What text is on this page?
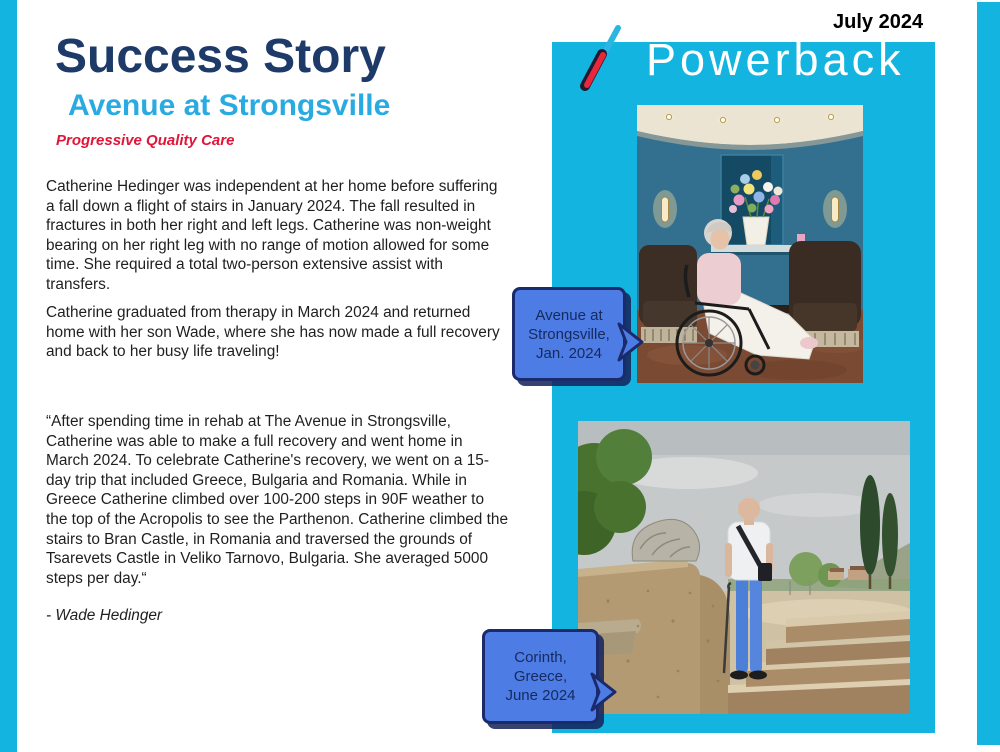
July 2024
Powerback
Success Story
Avenue at Strongsville
Progressive Quality Care
Catherine Hedinger was independent at her home before suffering a fall down a flight of stairs in January 2024. The fall resulted in fractures in both her right and left legs. Catherine was non-weight bearing on her right leg with no range of motion allowed for some time. She required a total two-person extensive assist with transfers.
Catherine graduated from therapy in March 2024 and returned home with her son Wade, where she has now made a full recovery and back to her busy life traveling!
“After spending time in rehab at The Avenue in Strongsville, Catherine was able to make a full recovery and went home in March 2024. To celebrate Catherine's recovery, we went on a 15-day trip that included Greece, Bulgaria and Romania. While in Greece Catherine climbed over 100-200 steps in 90F weather to the top of the Acropolis to see the Parthenon. Catherine climbed the stairs to Bran Castle, in Romania and traversed the grounds of Tsarevets Castle in Veliko Tarnovo, Bulgaria. She averaged 5000 steps per day.“
- Wade Hedinger
Avenue at
Strongsville,
Jan. 2024
Corinth,
Greece,
June 2024
